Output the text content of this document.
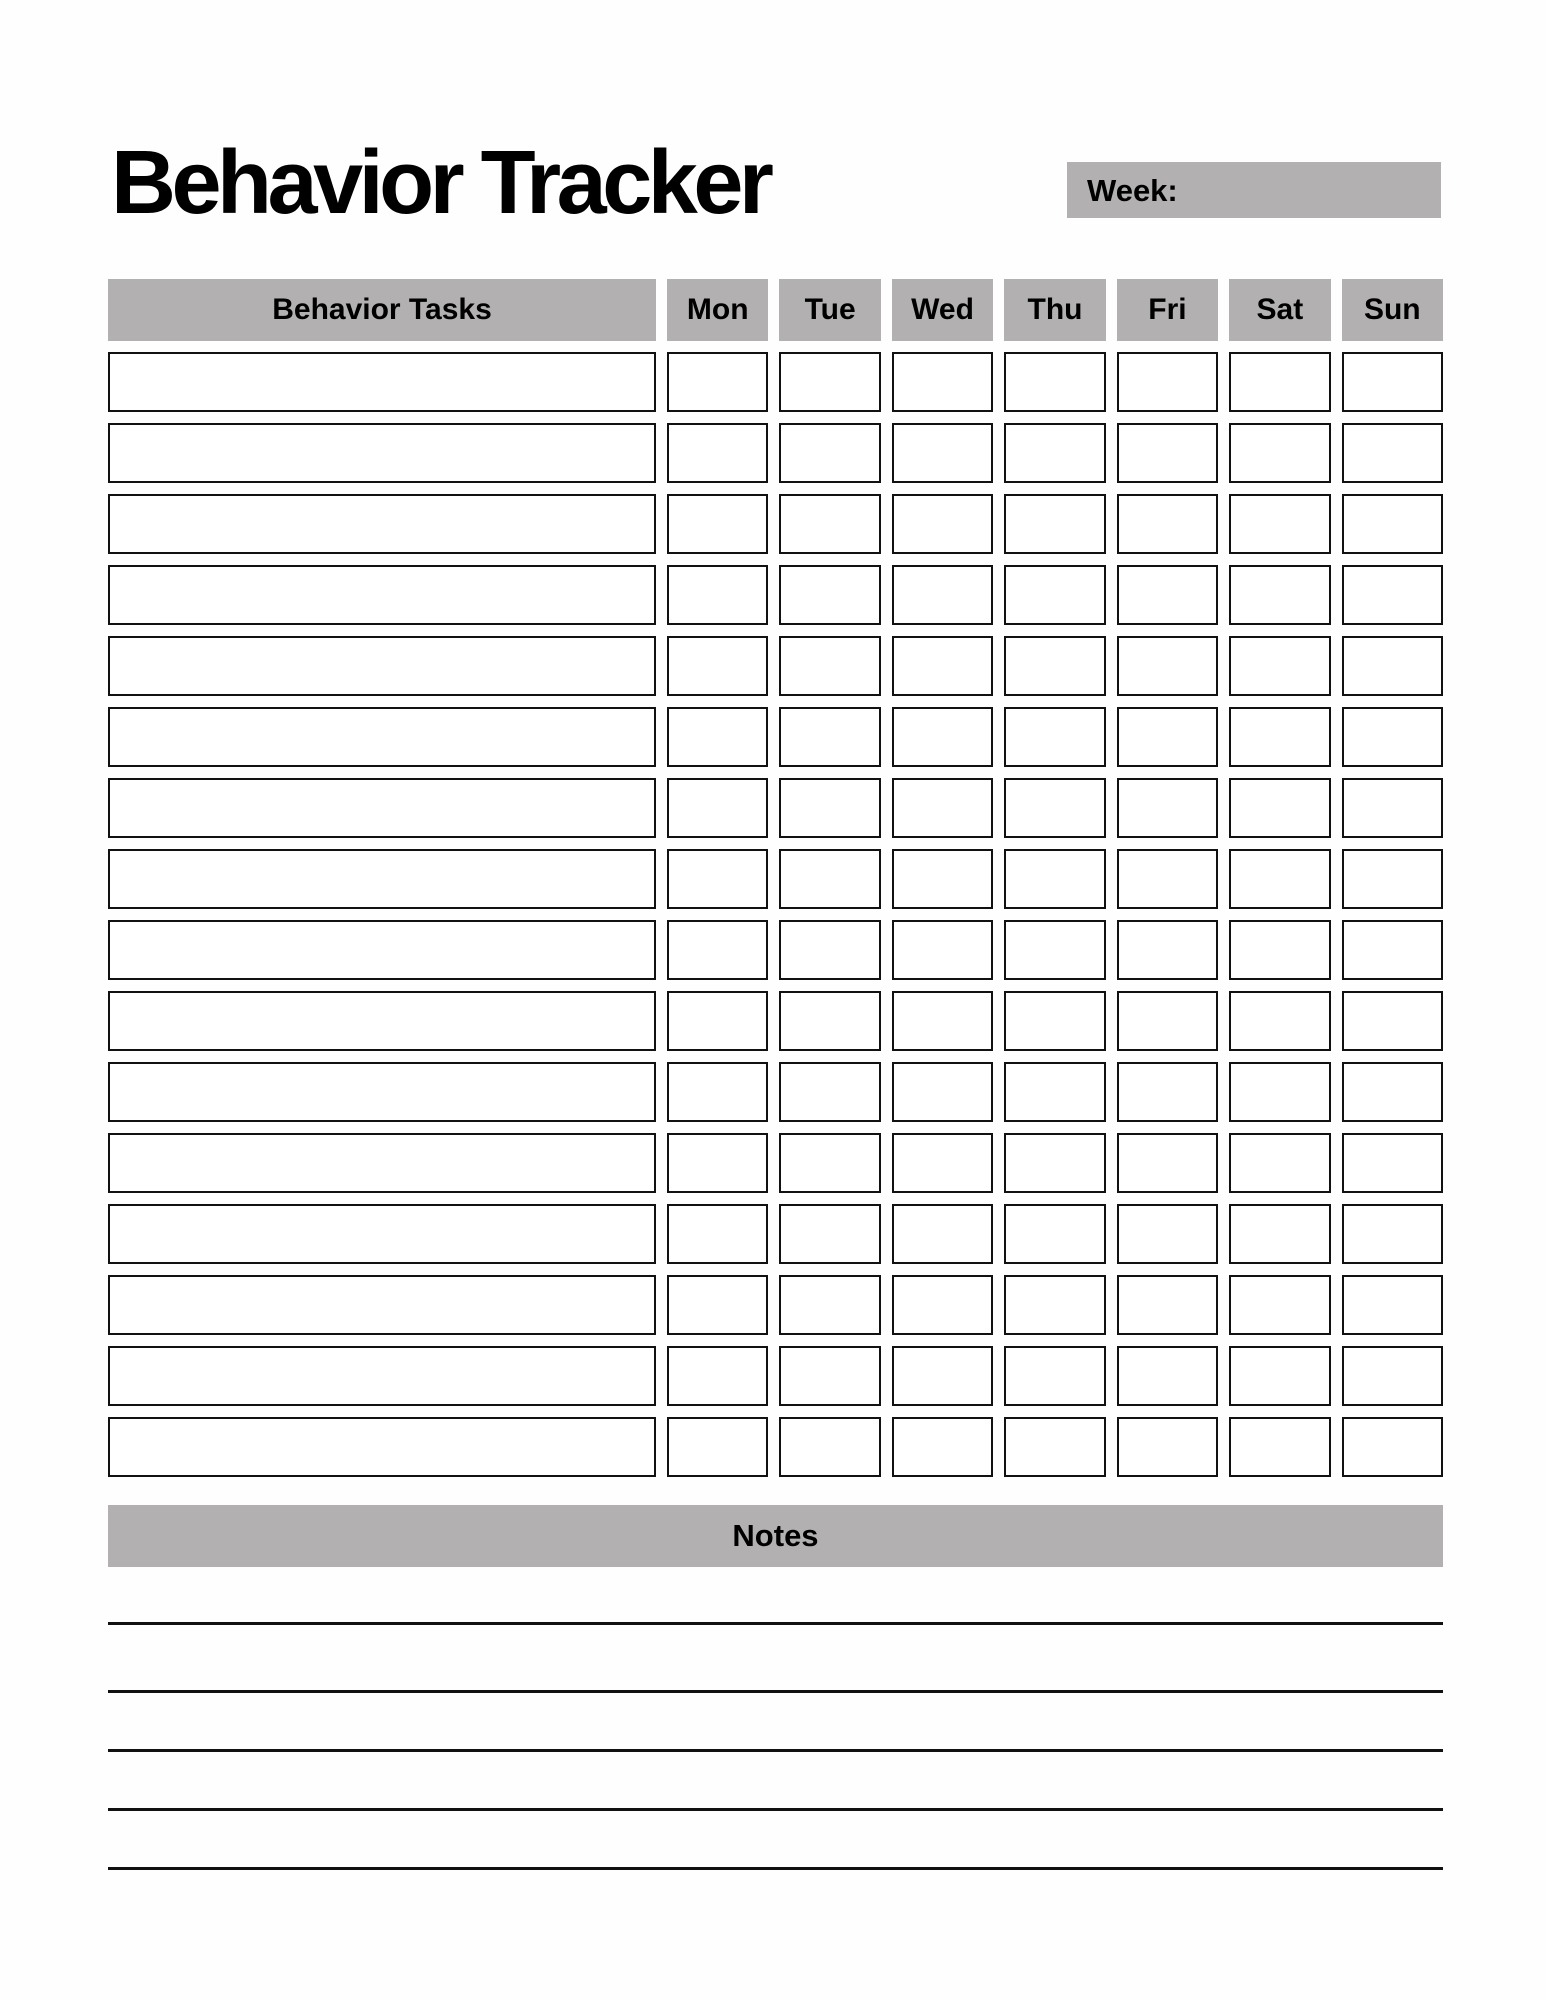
Behavior Tracker	Week:
Behavior Tasks	Mon	Tue	Wed	Thu	Fri	Sat	Sun
Notes
